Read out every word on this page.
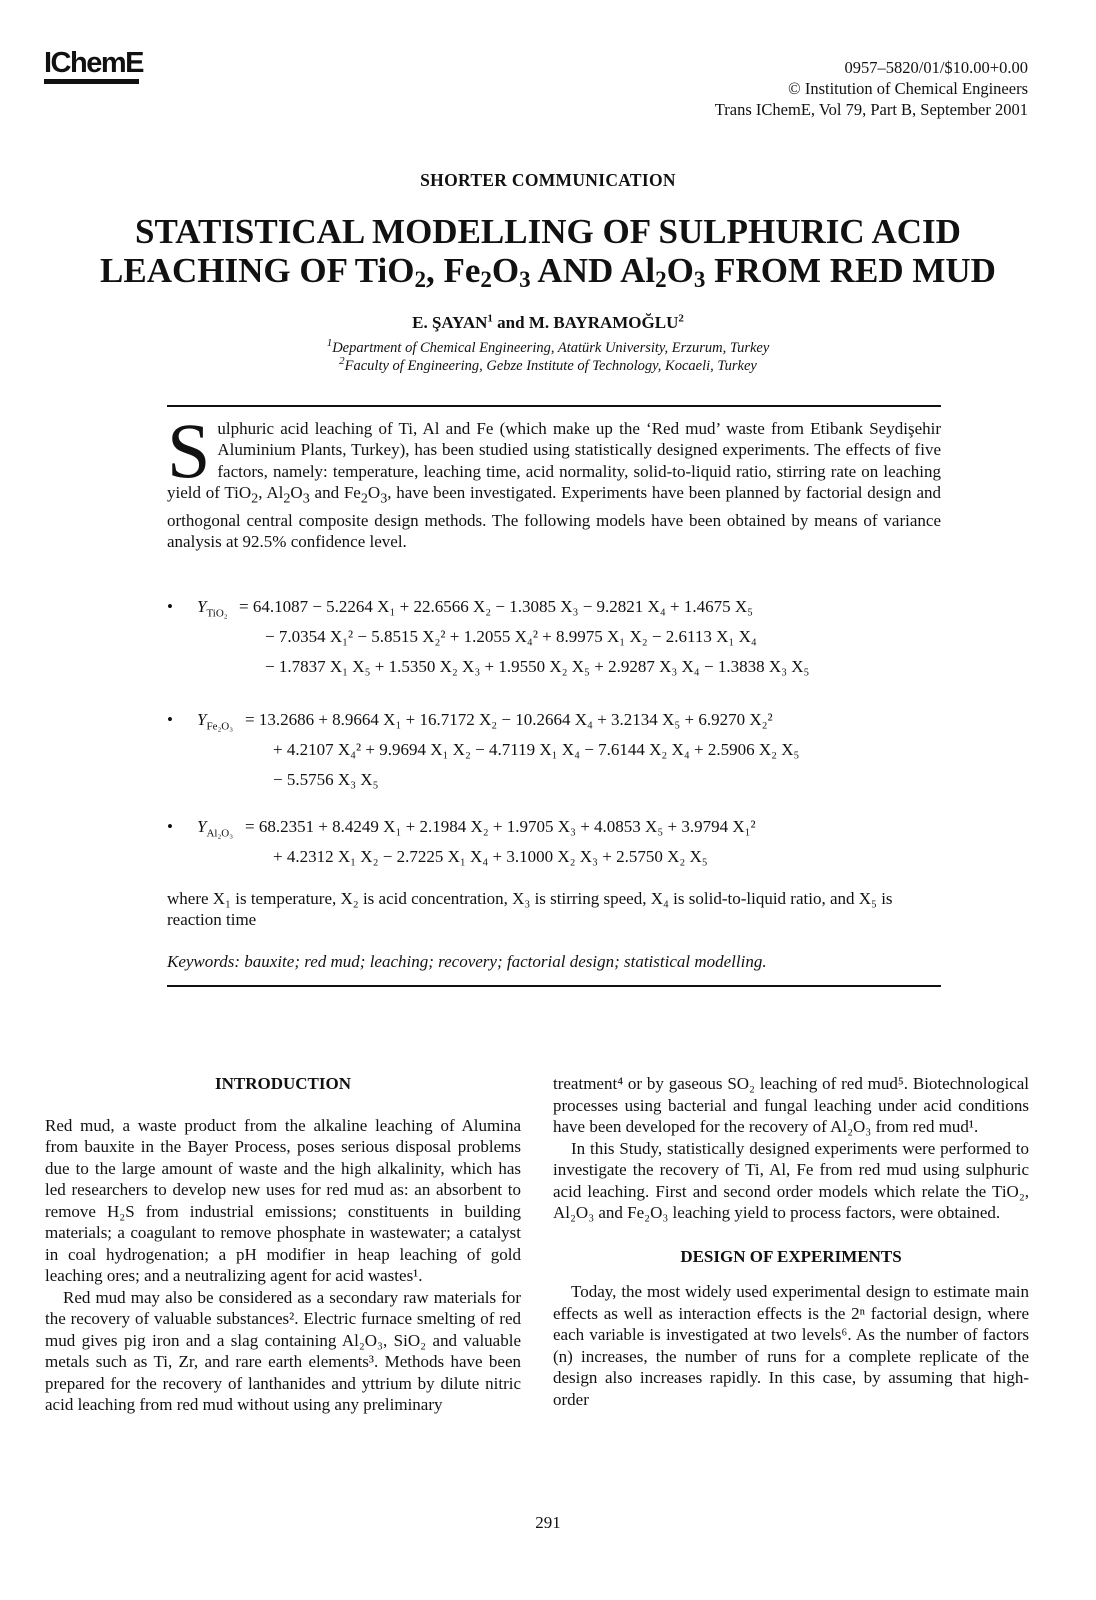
IChemE	0957–5820/01/$10.00+0.00
© Institution of Chemical Engineers
Trans IChemE, Vol 79, Part B, September 2001
SHORTER COMMUNICATION
STATISTICAL MODELLING OF SULPHURIC ACID
LEACHING OF TiO$_2$, $Fe_2O_3$ AND $Al_2O_3$ FROM RED MUD
E. ŞAYAN$^1$ and M. BAYRAMOĞLU$^2$
$^1$Department of Chemical Engineering, Atatürk University, Erzurum, Turkey
$^2$Faculty of Engineering, Gebze Institute of Technology, Kocaeli, Turkey
Sulphuric acid leaching of Ti, Al and Fe (which make up the ‘Red mud’ waste from Etibank Seydişehir Aluminium Plants, Turkey), has been studied using statistically designed experiments. The effects of five factors, namely: temperature, leaching time, acid normality, solid-to-liquid ratio, stirring rate on leaching yield of TiO$_2$, $Al_2O_3$ and $Fe_2O_3$, have been investigated. Experiments have been planned by factorial design and orthogonal central composite design methods. The following models have been obtained by means of variance analysis at 92.5% confidence level.
• $Y_{TiO_2} = 64.1087 - 5.2264$ X₁ + 22.6566 X₂ − 1.3085 X₃ − 9.2821 X₄ + 1.4675 X₅
− 7.0354 X₁² − 5.8515 X₂² + 1.2055 X₄² + 8.9975 X₁ X₂ − 2.6113 X₁ X₄
− 1.7837 X₁ X₅ + 1.5350 X₂ X₃ + 1.9550 X₂ X₅ + 2.9287 X₃ X₄ − 1.3838 X₃ X₅
• $Y_{Fe_2O_3} = 13.2686 + 8.9664$ X₁ + 16.7172 X₂ − 10.2664 X₄ + 3.2134 X₅ + 6.9270 X₂²
+ 4.2107 X₄² + 9.9694 X₁ X₂ − 4.7119 X₁ X₄ − 7.6144 X₂ X₄ + 2.5906 X₂ X₅
− 5.5756 X₃ X₅
• $Y_{Al_2O_3} = 68.2351 + 8.4249$ X₁ + 2.1984 X₂ + 1.9705 X₃ + 4.0853 X₅ + 3.9794 X₁²
+ 4.2312 X₁ X₂ − 2.7225 X₁ X₄ + 3.1000 X₂ X₃ + 2.5750 X₂ X₅
where X₁ is temperature, X₂ is acid concentration, X₃ is stirring speed, X₄ is solid-to-liquid ratio, and X₅ is reaction time
Keywords: bauxite; red mud; leaching; recovery; factorial design; statistical modelling.
INTRODUCTION

Red mud, a waste product from the alkaline leaching of Alumina from bauxite in the Bayer Process, poses serious disposal problems due to the large amount of waste and the high alkalinity, which has led researchers to develop new uses for red mud as: an absorbent to remove H₂S from industrial emissions; constituents in building materials; a coagulant to remove phosphate in wastewater; a catalyst in coal hydrogenation; a pH modifier in heap leaching of gold leaching ores; and a neutralizing agent for acid wastes¹.

Red mud may also be considered as a secondary raw materials for the recovery of valuable substances². Electric furnace smelting of red mud gives pig iron and a slag containing Al₂O₃, SiO₂ and valuable metals such as Ti, Zr, and rare earth elements³. Methods have been prepared for the recovery of lanthanides and yttrium by dilute nitric acid leaching from red mud without using any preliminary

treatment⁴ or by gaseous SO₂ leaching of red mud⁵. Biotechnological processes using bacterial and fungal leaching under acid conditions have been developed for the recovery of Al₂O₃ from red mud¹.

In this Study, statistically designed experiments were performed to investigate the recovery of Ti, Al, Fe from red mud using sulphuric acid leaching. First and second order models which relate the TiO₂, Al₂O₃ and Fe₂O₃ leaching yield to process factors, were obtained.

DESIGN OF EXPERIMENTS

Today, the most widely used experimental design to estimate main effects as well as interaction effects is the 2ⁿ factorial design, where each variable is investigated at two levels⁶. As the number of factors (n) increases, the number of runs for a complete replicate of the design also increases rapidly. In this case, by assuming that high-order

291
